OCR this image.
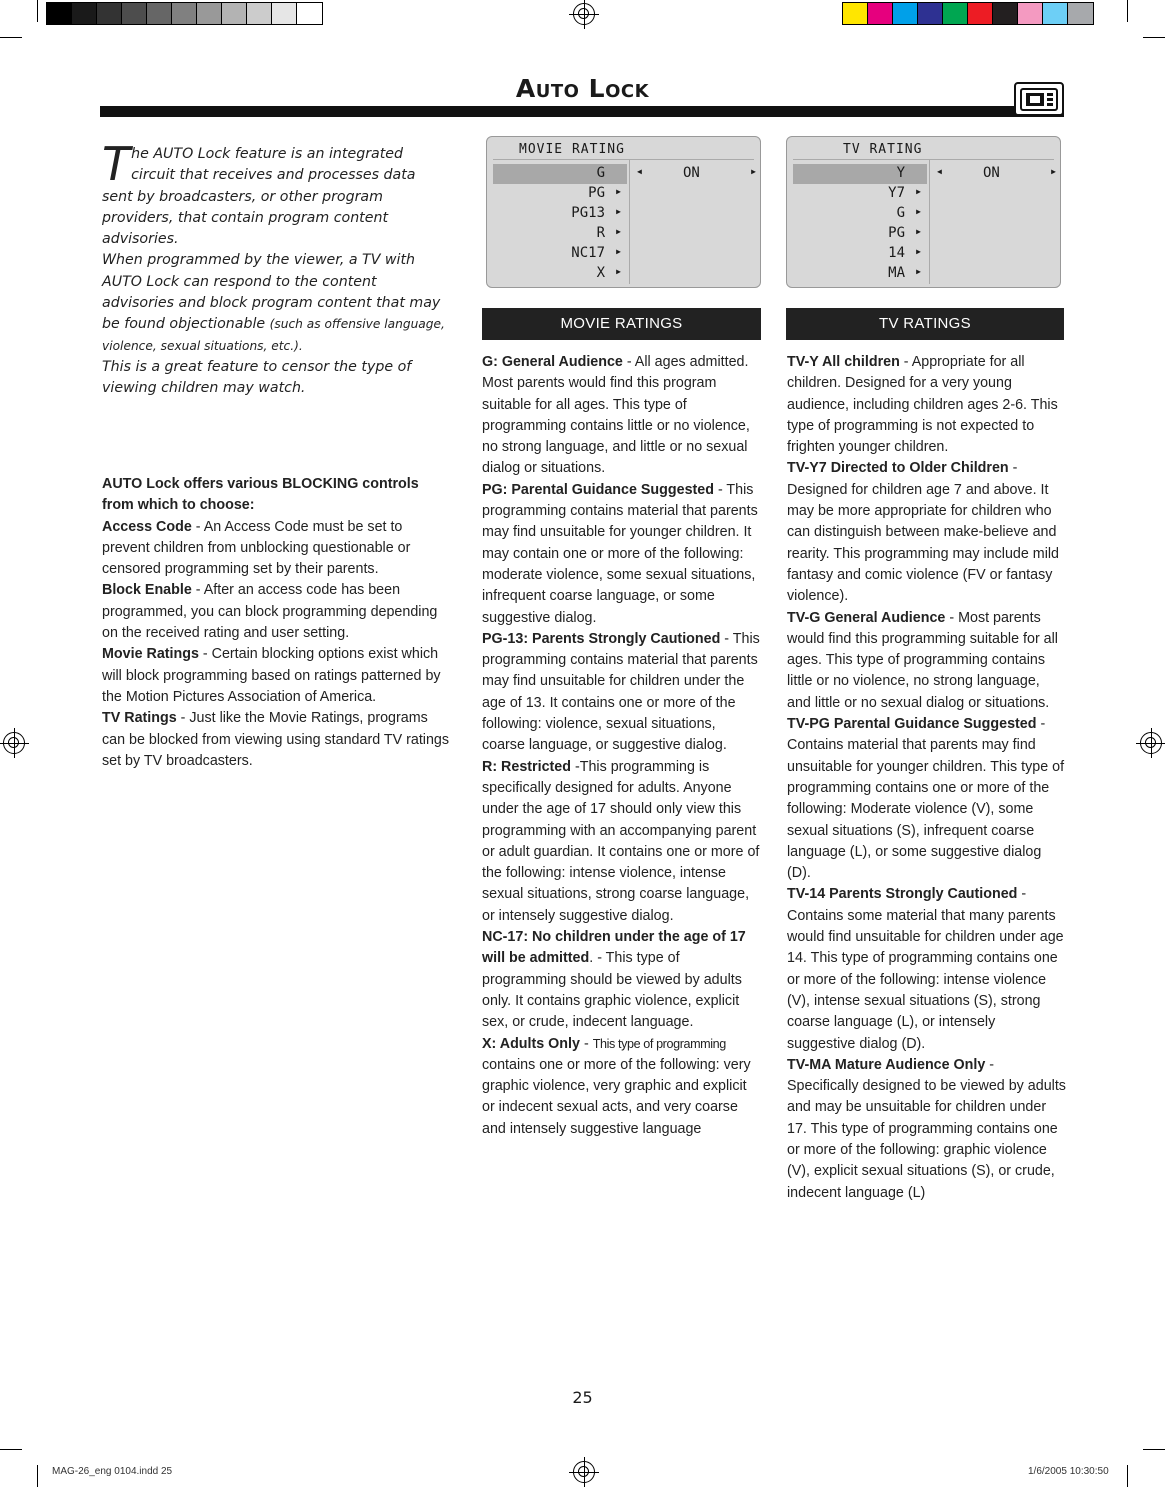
Auto Lock
The AUTO Lock feature is an integrated circuit that receives and processes data sent by broadcasters, or other program providers, that contain program content advisories.
When programmed by the viewer, a TV with AUTO Lock can respond to the content advisories and block program content that may be found objectionable (such as offensive language, violence, sexual situations, etc.).
This is a great feature to censor the type of viewing children may watch.
AUTO Lock offers various BLOCKING controls from which to choose:
Access Code - An Access Code must be set to prevent children from unblocking questionable or censored programming set by their parents.
Block Enable - After an access code has been programmed, you can block programming depending on the received rating and user setting.
Movie Ratings - Certain blocking options exist which will block programming based on ratings patterned by the Motion Pictures Association of America.
TV Ratings - Just like the Movie Ratings, programs can be blocked from viewing using standard TV ratings set by TV broadcasters.

MOVIE RATING
G
PG ▶
PG13 ▶
R ▶
NC17 ▶
X ▶
◀	ON	▶
MOVIE RATINGS
TV RATING
Y
Y7 ▶
G ▶
PG ▶
14 ▶
MA ▶
◀	ON	▶
TV RATINGS

G: General Audience - All ages admitted. Most parents would find this program suitable for all ages. This type of programming contains little or no violence, no strong language, and little or no sexual dialog or situations.

PG: Parental Guidance Suggested - This programming contains material that parents may find unsuitable for younger children. It may contain one or more of the following: moderate violence, some sexual situations, infrequent coarse language, or some suggestive dialog.

PG-13: Parents Strongly Cautioned - This programming contains material that parents may find unsuitable for children under the age of 13. It contains one or more of the following: violence, sexual situations, coarse language, or suggestive dialog.

R: Restricted -This programming is specifically designed for adults. Anyone under the age of 17 should only view this programming with an accompanying parent or adult guardian. It contains one or more of the following: intense violence, intense sexual situations, strong coarse language, or intensely suggestive dialog.

NC-17: No children under the age of 17 will be admitted. - This type of programming should be viewed by adults only. It contains graphic violence, explicit sex, or crude, indecent language.

X: Adults Only - This type of programming contains one or more of the following: very graphic violence, very graphic and explicit or indecent sexual acts, and very coarse and intensely suggestive language

TV-Y All children - Appropriate for all children. Designed for a very young audience, including children ages 2-6. This type of programming is not expected to frighten younger children.

TV-Y7 Directed to Older Children - Designed for children age 7 and above. It may be more appropriate for children who can distinguish between make-believe and rearity. This programming may include mild fantasy and comic violence (FV or fantasy violence).

TV-G General Audience - Most parents would find this programming suitable for all ages. This type of programming contains little or no violence, no strong language, and little or no sexual dialog or situations.

TV-PG Parental Guidance Suggested - Contains material that parents may find unsuitable for younger children. This type of programming contains one or more of the following: Moderate violence (V), some sexual situations (S), infrequent coarse language (L), or some suggestive dialog (D).

TV-14 Parents Strongly Cautioned - Contains some material that many parents would find unsuitable for children under age 14. This type of programming contains one or more of the following: intense violence (V), intense sexual situations (S), strong coarse language (L), or intensely suggestive dialog (D).

TV-MA Mature Audience Only - Specifically designed to be viewed by adults and may be unsuitable for children under 17. This type of programming contains one or more of the following: graphic violence (V), explicit sexual situations (S), or crude, indecent language (L)

25
MAG-26_eng 0104.indd 25	1/6/2005 10:30:50
